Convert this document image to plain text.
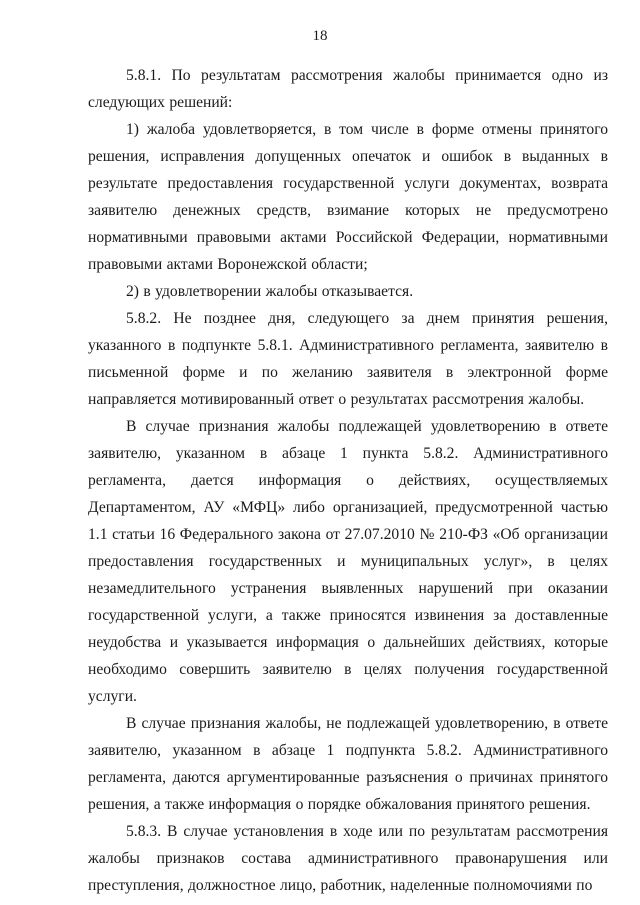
18

5.8.1. По результатам рассмотрения жалобы принимается одно из следующих решений:

1) жалоба удовлетворяется, в том числе в форме отмены принятого решения, исправления допущенных опечаток и ошибок в выданных в результате предоставления государственной услуги документах, возврата заявителю денежных средств, взимание которых не предусмотрено нормативными правовыми актами Российской Федерации, нормативными правовыми актами Воронежской области;

2) в удовлетворении жалобы отказывается.

5.8.2. Не позднее дня, следующего за днем принятия решения, указанного в подпункте 5.8.1. Административного регламента, заявителю в письменной форме и по желанию заявителя в электронной форме направляется мотивированный ответ о результатах рассмотрения жалобы.

В случае признания жалобы подлежащей удовлетворению в ответе заявителю, указанном в абзаце 1 пункта 5.8.2. Административного регламента, дается информация о действиях, осуществляемых Департаментом, АУ «МФЦ» либо организацией, предусмотренной частью 1.1 статьи 16 Федерального закона от 27.07.2010 № 210-ФЗ «Об организации предоставления государственных и муниципальных услуг», в целях незамедлительного устранения выявленных нарушений при оказании государственной услуги, а также приносятся извинения за доставленные неудобства и указывается информация о дальнейших действиях, которые необходимо совершить заявителю в целях получения государственной услуги.

В случае признания жалобы, не подлежащей удовлетворению, в ответе заявителю, указанном в абзаце 1 подпункта 5.8.2. Административного регламента, даются аргументированные разъяснения о причинах принятого решения, а также информация о порядке обжалования принятого решения.

5.8.3. В случае установления в ходе или по результатам рассмотрения жалобы признаков состава административного правонарушения или преступления, должностное лицо, работник, наделенные полномочиями по
